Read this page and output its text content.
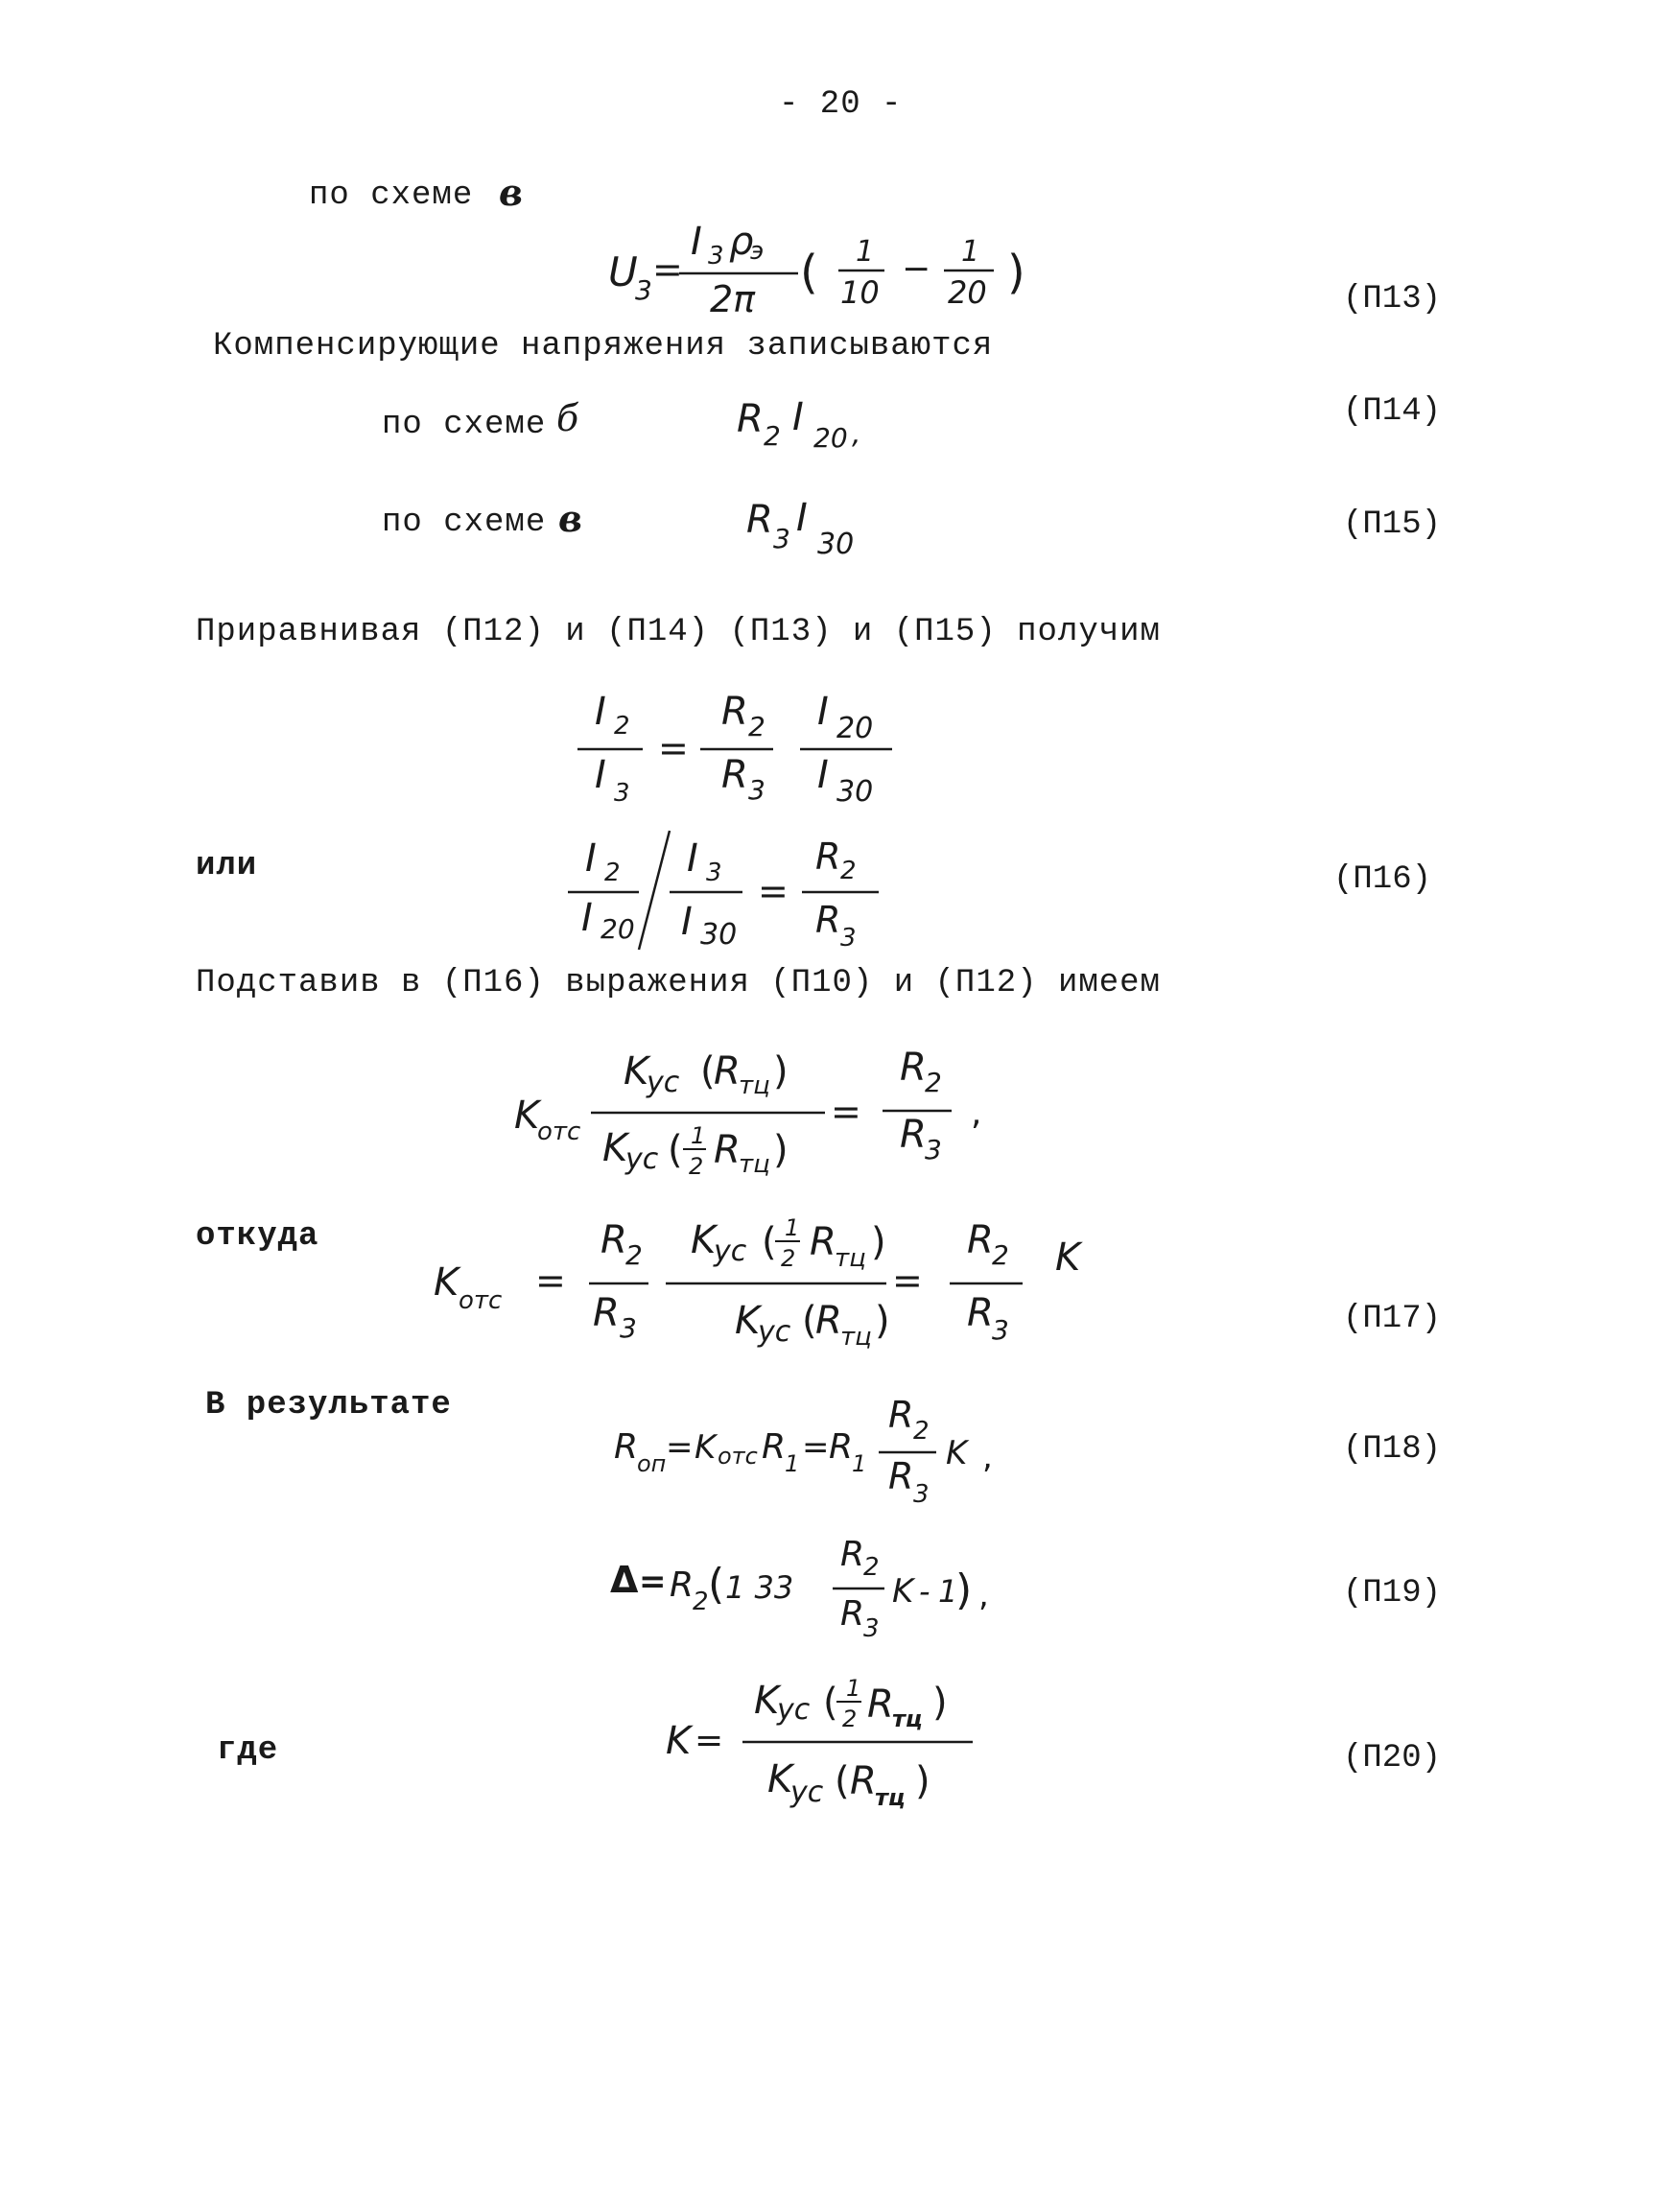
- 20 -
по схеме в
U
3 =
I 3 ρ
э
2π ( 1
10
− 1
20 )	(П13)
Компенсирующие напряжения записываются
по схеме б	R 2 I 20 ,
(П14)
по схеме в	R 3 I
30
(П15)
Приравнивая (П12) и (П14) (П13) и (П15) получим
I 2
I 3
=
R 2
R 3
I 20
I 30
или	I 2
I 20
I 3
I 30
=
R 2
R 3
(П16)
Подставив в (П16) выражения (П10) и (П12) имеем
K
отс
K
ус (
R
тц )
K
ус ( 1
2 R
тц )
=
R
2
R
3
,
откуда
K отс =
R
2
R 3
K
ус ( 1
2 R
тц )
K
ус (
R
тц )
=
R
2
R
3
K
(П17)
В результате
R
оп = K отс R
1 = R
1
R 2
R 3
K ,	(П18)
Δ = R
2 ( 1 33
R
2
R
3
K - 1
) ,	(П19)
где	K =
K
ус ( 1
2 R
тц )
K
ус ( R
тц )
(П20)
